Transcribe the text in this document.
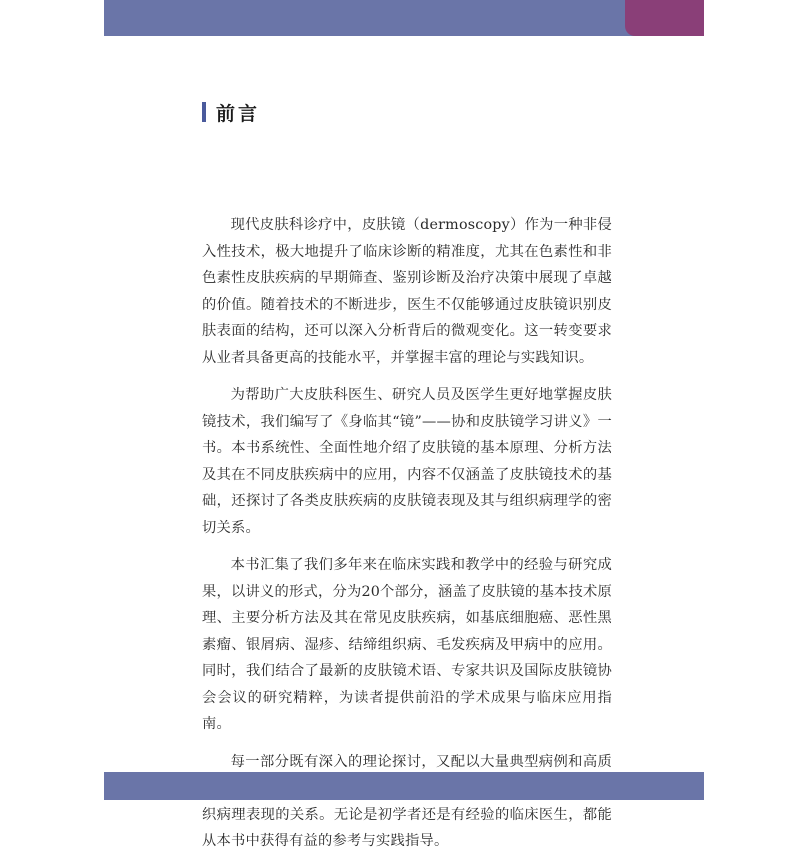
前言

现代皮肤科诊疗中，皮肤镜（dermoscopy）作为一种非侵入性技术，极大地提升了临床诊断的精准度，尤其在色素性和非色素性皮肤疾病的早期筛查、鉴别诊断及治疗决策中展现了卓越的价值。随着技术的不断进步，医生不仅能够通过皮肤镜识别皮肤表面的结构，还可以深入分析背后的微观变化。这一转变要求从业者具备更高的技能水平，并掌握丰富的理论与实践知识。

为帮助广大皮肤科医生、研究人员及医学生更好地掌握皮肤镜技术，我们编写了《身临其“镜”——协和皮肤镜学习讲义》一书。本书系统性、全面性地介绍了皮肤镜的基本原理、分析方法及其在不同皮肤疾病中的应用，内容不仅涵盖了皮肤镜技术的基础，还探讨了各类皮肤疾病的皮肤镜表现及其与组织病理学的密切关系。

本书汇集了我们多年来在临床实践和教学中的经验与研究成果，以讲义的形式，分为20个部分，涵盖了皮肤镜的基本技术原理、主要分析方法及其在常见皮肤疾病，如基底细胞癌、恶性黑素瘤、银屑病、湿疹、结缔组织病、毛发疾病及甲病中的应用。同时，我们结合了最新的皮肤镜术语、专家共识及国际皮肤镜协会会议的研究精粹，为读者提供前沿的学术成果与临床应用指南。

每一部分既有深入的理论探讨，又配以大量典型病例和高质 织病理表现的关系。无论是初学者还是有经验的临床医生，都能从本书中获得有益的参考与实践指导。
